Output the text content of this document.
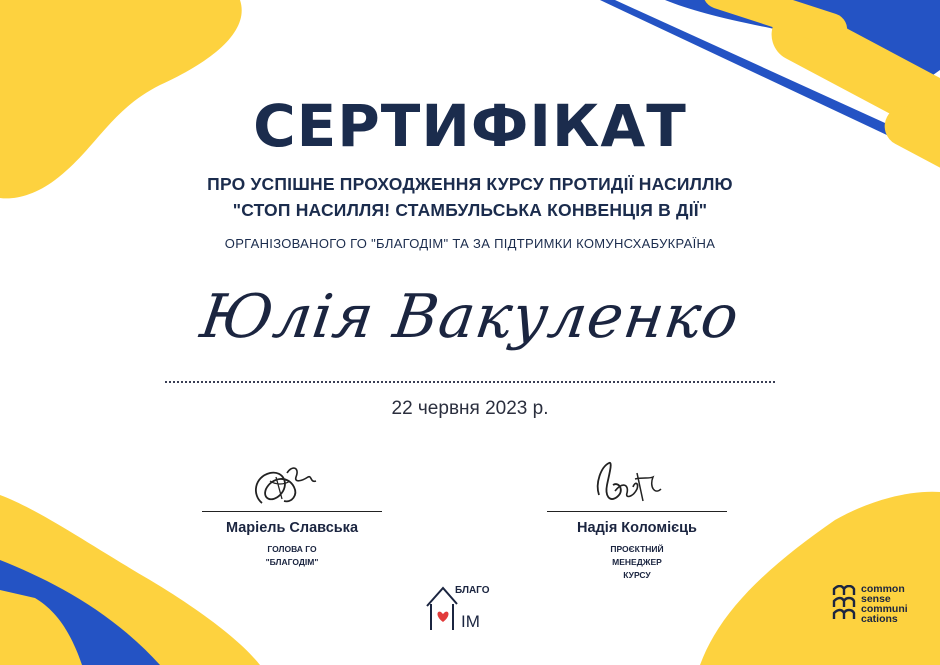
СЕРТИФІКАТ
ПРО УСПІШНЕ ПРОХОДЖЕННЯ КУРСУ ПРОТИДІЇ НАСИЛЛЮ
"СТОП НАСИЛЛЯ! СТАМБУЛЬСЬКА КОНВЕНЦІЯ В ДІЇ"
ОРГАНІЗОВАНОГО ГО "БЛАГОДІМ" ТА ЗА ПІДТРИМКИ КОМУНСХАБУКРАЇНА
Юлія Вакуленко
22 червня 2023 р.
Маріель Славська
ГОЛОВА ГО
"БЛАГОДІМ"
Надія Коломієць
ПРОЄКТНИЙ
МЕНЕДЖЕР
КУРСУ
БЛАГО
ІМ
common
sense
communi
cations
